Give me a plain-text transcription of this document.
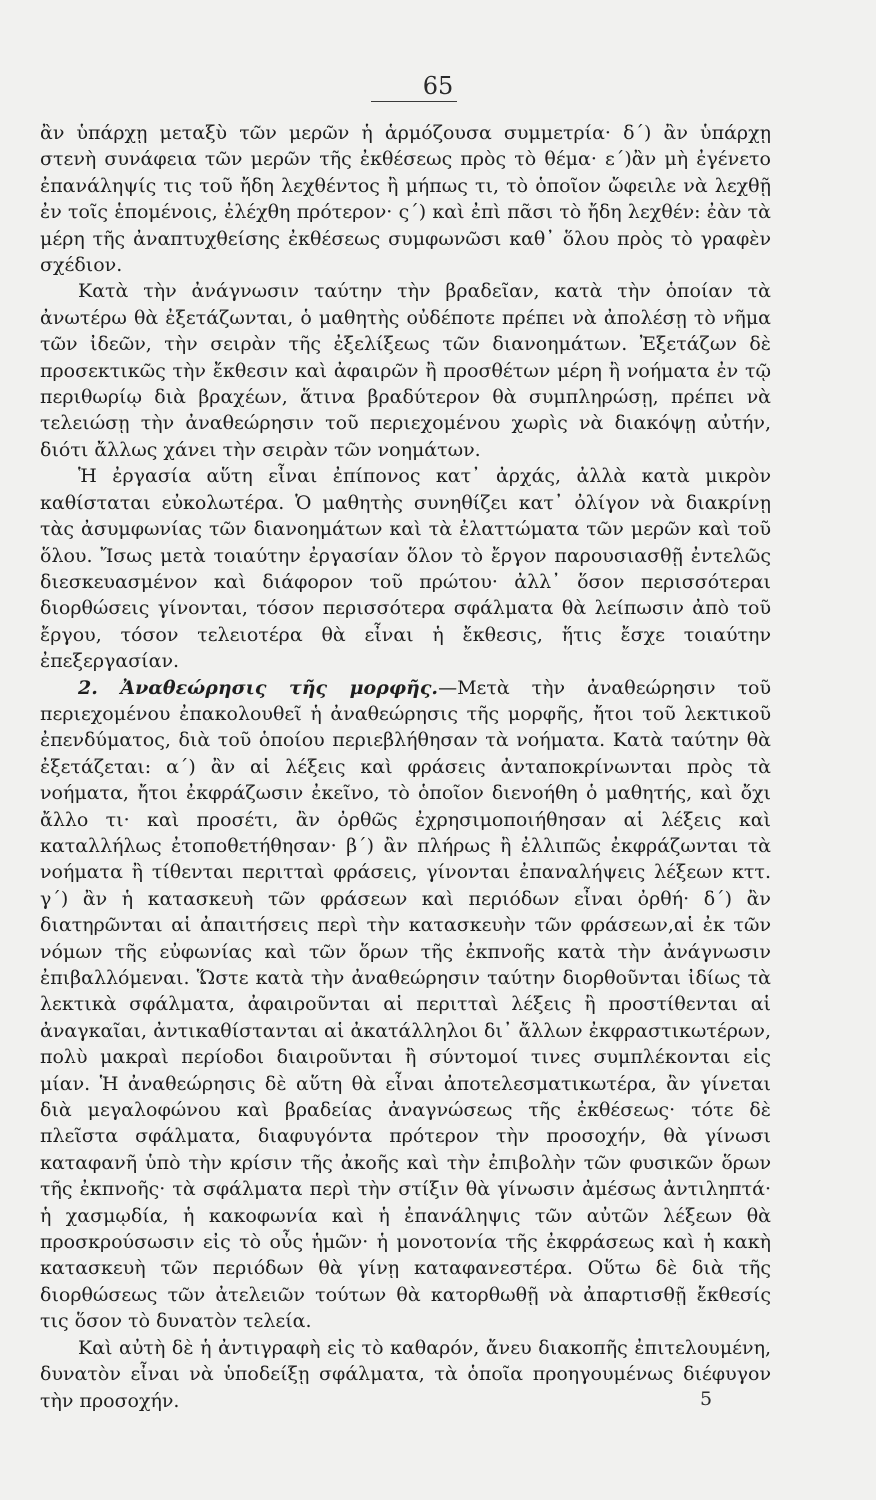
65

ἂν ὑπάρχῃ μεταξὺ τῶν μερῶν ἡ ἁρμόζουσα συμμετρία· δ΄) ἂν ὑπάρχῃ στενὴ συνάφεια τῶν μερῶν τῆς ἐκθέσεως πρὸς τὸ θέμα· ε΄)ἂν μὴ ἐγένετο ἐπανάληψίς τις τοῦ ἤδη λεχθέντος ἢ μήπως τι, τὸ ὁποῖον ὤφειλε νὰ λεχθῇ ἐν τοῖς ἑπομένοις, ἐλέχθη πρότερον· ς΄) καὶ ἐπὶ πᾶσι τὸ ἤδη λεχθέν: ἐὰν τὰ μέρη τῆς ἀναπτυχθείσης ἐκθέσεως συμφωνῶσι καθ᾽ ὅλου πρὸς τὸ γραφὲν σχέδιον.

Κατὰ τὴν ἀνάγνωσιν ταύτην τὴν βραδεῖαν, κατὰ τὴν ὁποίαν τὰ ἀνωτέρω θὰ ἐξετάζωνται, ὁ μαθητὴς οὐδέποτε πρέπει νὰ ἀπολέσῃ τὸ νῆμα τῶν ἰδεῶν, τὴν σειρὰν τῆς ἐξελίξεως τῶν διανοημάτων. Ἐξετάζων δὲ προσεκτικῶς τὴν ἔκθεσιν καὶ ἀφαιρῶν ἢ προσθέτων μέρη ἢ νοήματα ἐν τῷ περιθωρίῳ διὰ βραχέων, ἅτινα βραδύτερον θὰ συμπληρώσῃ, πρέπει νὰ τελειώσῃ τὴν ἀναθεώρησιν τοῦ περιεχομένου χωρὶς νὰ διακόψῃ αὐτήν, διότι ἄλλως χάνει τὴν σειρὰν τῶν νοημάτων.

Ἡ ἐργασία αὕτη εἶναι ἐπίπονος κατ᾽ ἀρχάς, ἀλλὰ κατὰ μικρὸν καθίσταται εὐκολωτέρα. Ὁ μαθητὴς συνηθίζει κατ᾽ ὀλίγον νὰ διακρίνῃ τὰς ἀσυμφωνίας τῶν διανοημάτων καὶ τὰ ἐλαττώματα τῶν μερῶν καὶ τοῦ ὅλου. Ἴσως μετὰ τοιαύτην ἐργασίαν ὅλον τὸ ἔργον παρουσιασθῇ ἐντελῶς διεσκευασμένον καὶ διάφορον τοῦ πρώτου· ἀλλ᾽ ὅσον περισσότεραι διορθώσεις γίνονται, τόσον περισσότερα σφάλματα θὰ λείπωσιν ἀπὸ τοῦ ἔργου, τόσον τελειοτέρα θὰ εἶναι ἡ ἔκθεσις, ἥτις ἔσχε τοιαύτην ἐπεξεργασίαν.

2. Ἀναθεώρησις τῆς μορφῆς.—Μετὰ τὴν ἀναθεώρησιν τοῦ περιεχομένου ἐπακολουθεῖ ἡ ἀναθεώρησις τῆς μορφῆς, ἤτοι τοῦ λεκτικοῦ ἐπενδύματος, διὰ τοῦ ὁποίου περιεβλήθησαν τὰ νοήματα. Κατὰ ταύτην θὰ ἐξετάζεται: α΄) ἂν αἱ λέξεις καὶ φράσεις ἀνταποκρίνωνται πρὸς τὰ νοήματα, ἤτοι ἐκφράζωσιν ἐκεῖνο, τὸ ὁποῖον διενοήθη ὁ μαθητής, καὶ ὄχι ἄλλο τι· καὶ προσέτι, ἂν ὀρθῶς ἐχρησιμοποιήθησαν αἱ λέξεις καὶ καταλλήλως ἐτοποθετήθησαν· β΄) ἂν πλήρως ἢ ἐλλιπῶς ἐκφράζωνται τὰ νοήματα ἢ τίθενται περιτταὶ φράσεις, γίνονται ἐπαναλήψεις λέξεων κττ. γ΄) ἂν ἡ κατασκευὴ τῶν φράσεων καὶ περιόδων εἶναι ὀρθή· δ΄) ἂν διατηρῶνται αἱ ἀπαιτήσεις περὶ τὴν κατασκευὴν τῶν φράσεων,αἱ ἐκ τῶν νόμων τῆς εὐφωνίας καὶ τῶν ὅρων τῆς ἐκπνοῆς κατὰ τὴν ἀνάγνωσιν ἐπιβαλλόμεναι. Ὥστε κατὰ τὴν ἀναθεώρησιν ταύτην διορθοῦνται ἰδίως τὰ λεκτικὰ σφάλματα, ἀφαιροῦνται αἱ περιτταὶ λέξεις ἢ προστίθενται αἱ ἀναγκαῖαι, ἀντικαθίστανται αἱ ἀκατάλληλοι δι᾽ ἄλλων ἐκφραστικωτέρων, πολὺ μακραὶ περίοδοι διαιροῦνται ἢ σύντομοί τινες συμπλέκονται εἰς μίαν. Ἡ ἀναθεώρησις δὲ αὕτη θὰ εἶναι ἀποτελεσματικωτέρα, ἂν γίνεται διὰ μεγαλοφώνου καὶ βραδείας ἀναγνώσεως τῆς ἐκθέσεως· τότε δὲ πλεῖστα σφάλματα, διαφυγόντα πρότερον τὴν προσοχήν, θὰ γίνωσι καταφανῆ ὑπὸ τὴν κρίσιν τῆς ἀκοῆς καὶ τὴν ἐπιβολὴν τῶν φυσικῶν ὅρων τῆς ἐκπνοῆς· τὰ σφάλματα περὶ τὴν στίξιν θὰ γίνωσιν ἀμέσως ἀντιληπτά· ἡ χασμῳδία, ἡ κακοφωνία καὶ ἡ ἐπανάληψις τῶν αὐτῶν λέξεων θὰ προσκρούσωσιν εἰς τὸ οὖς ἡμῶν· ἡ μονοτονία τῆς ἐκφράσεως καὶ ἡ κακὴ κατασκευὴ τῶν περιόδων θὰ γίνῃ καταφανεστέρα. Οὕτω δὲ διὰ τῆς διορθώσεως τῶν ἀτελειῶν τούτων θὰ κατορθωθῇ νὰ ἀπαρτισθῇ ἔκθεσίς τις ὅσον τὸ δυνατὸν τελεία.

Καὶ αὐτὴ δὲ ἡ ἀντιγραφὴ εἰς τὸ καθαρόν, ἄνευ διακοπῆς ἐπιτελουμένη, δυνατὸν εἶναι νὰ ὑποδείξῃ σφάλματα, τὰ ὁποῖα προηγουμένως διέφυγον τὴν προσοχήν.	5
